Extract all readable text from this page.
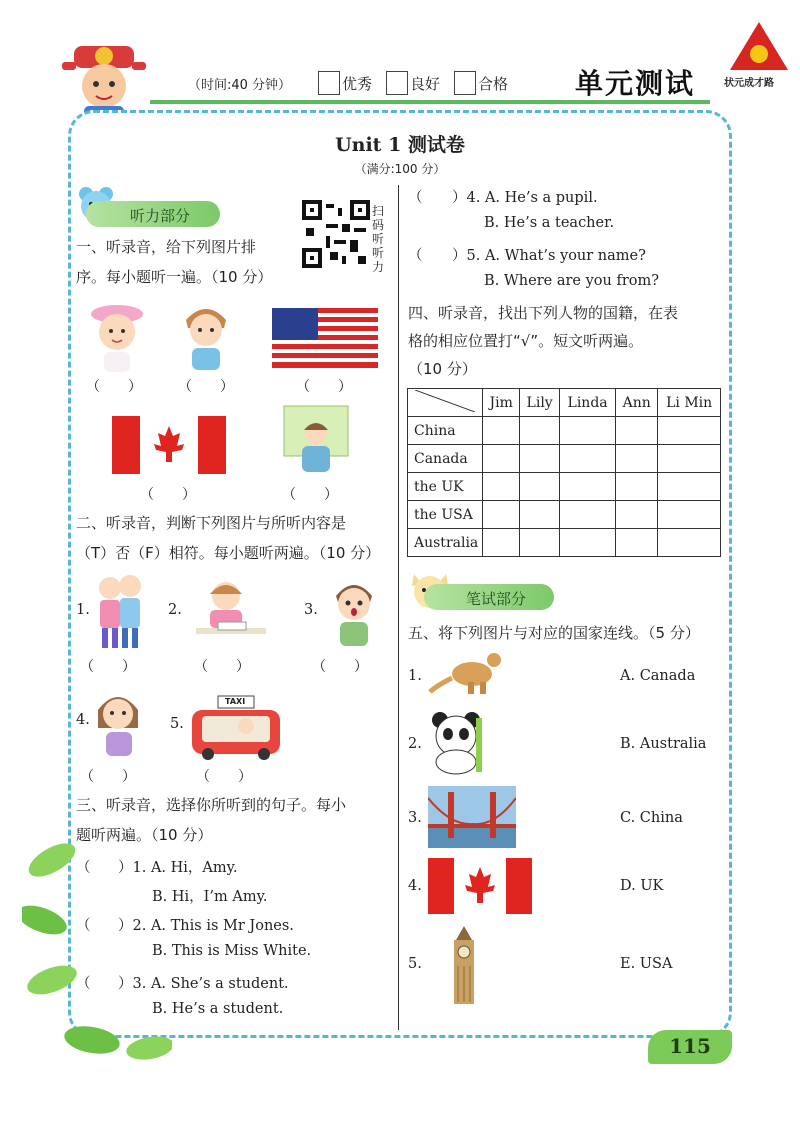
（时间:40 分钟）	优秀	良好	合格 单元测试	状元成才路
Unit 1 测试卷
（满分:100 分）
听力部分	扫码听听力
一、听录音，给下列图片排
序。每小题听一遍。（10 分）
（　　）	（　　）	（　　）
（　　）	（　　）
二、听录音，判断下列图片与所听内容是
（T）否（F）相符。每小题听两遍。（10 分）
1.	2.	3.
（　　）	（　　）	（　　）
4.	5.
TAXI
（　　）	（　　）
三、听录音，选择你所听到的句子。每小
题听两遍。（10 分）
（ ）1. A. Hi，Amy.
B. Hi，I’m Amy.
（ ）2. A. This is Mr Jones.
B. This is Miss White.
（ ）3. A. She’s a student.
B. He’s a student.
（ ）4. A. He’s a pupil.
B. He’s a teacher.
（ ）5. A. What’s your name?
B. Where are you from?
四、听录音，找出下列人物的国籍，在表
格的相应位置打“√”。短文听两遍。
（10 分）
	Jim	Lily	Linda	Ann	Li Min
China					
Canada					
the UK					
the USA					
Australia					
笔试部分
五、将下列图片与对应的国家连线。（5 分）
1.	A. Canada
2.	B. Australia
3.	C. China
4.	D. UK
5.	E. USA
115
